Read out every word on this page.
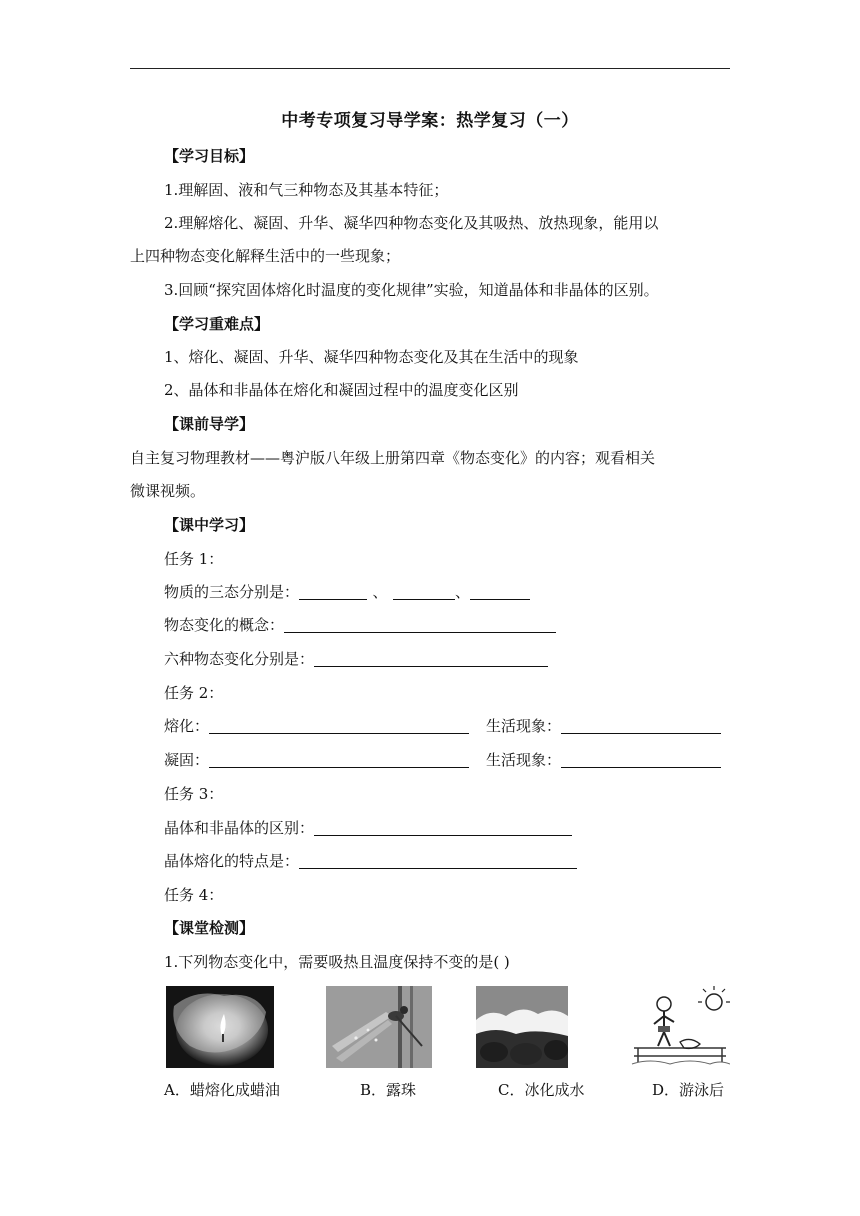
中考专项复习导学案：热学复习（一）
【学习目标】
1.理解固、液和气三种物态及其基本特征；
2.理解熔化、凝固、升华、凝华四种物态变化及其吸热、放热现象，能用以
上四种物态变化解释生活中的一些现象；
3.回顾“探究固体熔化时温度的变化规律”实验，知道晶体和非晶体的区别。
【学习重难点】
1、熔化、凝固、升华、凝华四种物态变化及其在生活中的现象
2、晶体和非晶体在熔化和凝固过程中的温度变化区别
【课前导学】
自主复习物理教材——粤沪版八年级上册第四章《物态变化》的内容；观看相关
微课视频。
【课中学习】
任务 1：
物质的三态分别是：	、	、
物态变化的概念：
六种物态变化分别是：
任务 2：
熔化：	生活现象：
凝固：	生活现象：
任务 3：
晶体和非晶体的区别：
晶体熔化的特点是：
任务 4：
【课堂检测】
1.下列物态变化中，需要吸热且温度保持不变的是( )
A．蜡熔化成蜡油	B．露珠	C．冰化成水	D．游泳后
